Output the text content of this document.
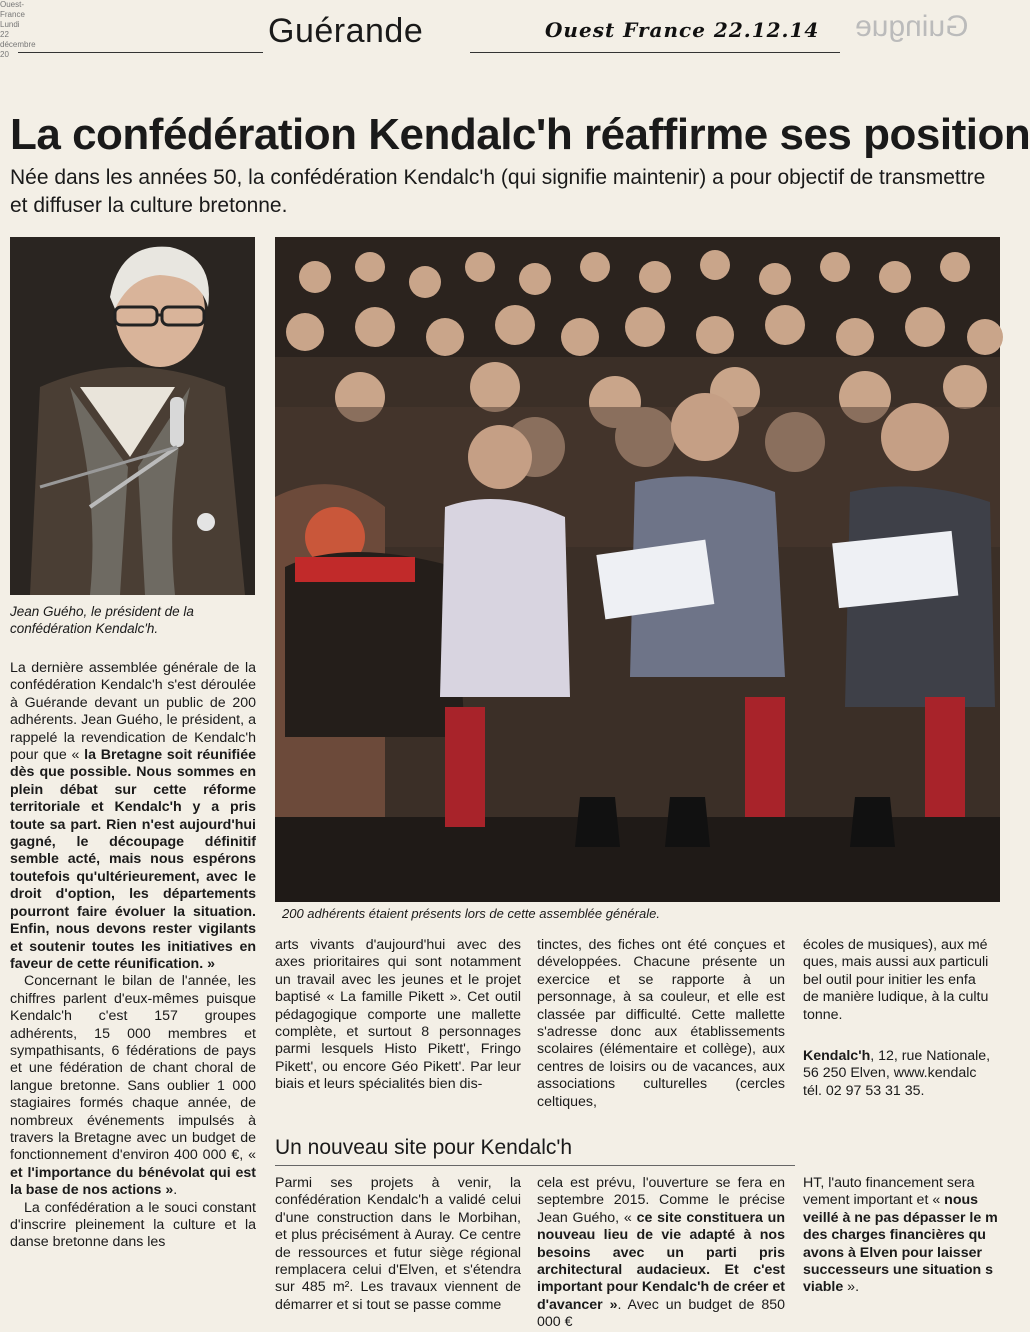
Ouest-France
Lundi 22 décembre 20
Guérande	Ouest France 22.12.14 Guingue
La confédération Kendalc'h réaffirme ses position
Née dans les années 50, la confédération Kendalc'h (qui signifie maintenir) a pour objectif de transmettre et diffuser la culture bretonne.
Jean Guého, le président de la confédération Kendalc'h.
200 adhérents étaient présents lors de cette assemblée générale.

La dernière assemblée générale de la confédération Kendalc'h s'est déroulée à Guérande devant un public de 200 adhérents. Jean Guého, le président, a rappelé la revendication de Kendalc'h pour que « la Bretagne soit réunifiée dès que possible. Nous sommes en plein débat sur cette réforme territoriale et Kendalc'h y a pris toute sa part. Rien n'est aujourd'hui gagné, le découpage définitif semble acté, mais nous espérons toutefois qu'ultérieurement, avec le droit d'option, les départements pourront faire évoluer la situation. Enfin, nous devons rester vigilants et soutenir toutes les initiatives en faveur de cette réunification. »

Concernant le bilan de l'année, les chiffres parlent d'eux-mêmes puisque Kendalc'h c'est 157 groupes adhérents, 15 000 membres et sympathisants, 6 fédérations de pays et une fédération de chant choral de langue bretonne. Sans oublier 1 000 stagiaires formés chaque année, de nombreux événements impulsés à travers la Bretagne avec un budget de fonctionnement d'environ 400 000 €, « et l'importance du bénévolat qui est la base de nos actions ».

La confédération a le souci constant d'inscrire pleinement la culture et la danse bretonne dans les

arts vivants d'aujourd'hui avec des axes prioritaires qui sont notamment un travail avec les jeunes et le projet baptisé « La famille Pikett ». Cet outil pédagogique comporte une mallette complète, et surtout 8 personnages parmi lesquels Histo Pikett', Fringo Pikett', ou encore Géo Pikett'. Par leur biais et leurs spécialités bien dis-
tinctes, des fiches ont été conçues et développées. Chacune présente un exercice et se rapporte à un personnage, à sa couleur, et elle est classée par difficulté. Cette mallette s'adresse donc aux établissements scolaires (élémentaire et collège), aux centres de loisirs ou de vacances, aux associations culturelles (cercles celtiques,
écoles de musiques), aux mé
ques, mais aussi aux particuli
bel outil pour initier les enfa
de manière ludique, à la cultu
tonne.
Kendalc'h, 12, rue Nationale,
56 250 Elven, www.kendalc
tél. 02 97 53 31 35.
Un nouveau site pour Kendalc'h
Parmi ses projets à venir, la confédération Kendalc'h a validé celui d'une construction dans le Morbihan, et plus précisément à Auray. Ce centre de ressources et futur siège régional remplacera celui d'Elven, et s'étendra sur 485 m². Les travaux viennent de démarrer et si tout se passe comme
cela est prévu, l'ouverture se fera en septembre 2015. Comme le précise Jean Guého, « ce site constituera un nouveau lieu de vie adapté à nos besoins avec un parti pris architectural audacieux. Et c'est important pour Kendalc'h de créer et d'avancer ». Avec un budget de 850 000 €
HT, l'auto financement sera
vement important et « nous
veillé à ne pas dépasser le m
des charges financières qu
avons à Elven pour laisser
successeurs une situation s
viable ».
